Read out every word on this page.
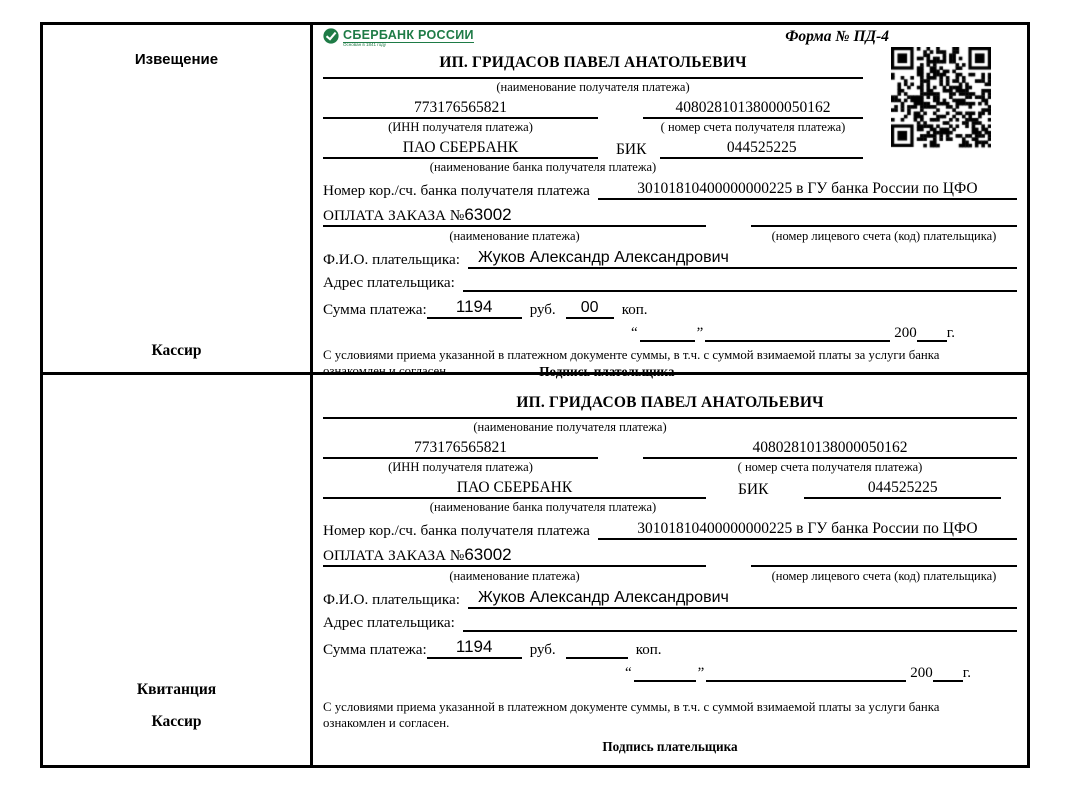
Извещение
Кассир
СБЕРБАНК РОССИИ
Основан в 1841 году
Форма № ПД-4
ИП. ГРИДАСОВ ПАВЕЛ АНАТОЛЬЕВИЧ
(наименование получателя платежа)
773176565821	40802810138000050162
(ИНН получателя платежа)	( номер счета получателя платежа)
ПАО СБЕРБАНК	БИК	044525225
(наименование банка получателя платежа)
Номер кор./сч. банка получателя платежа	30101810400000000225 в ГУ банка России по ЦФО
ОПЛАТА ЗАКАЗА №63002
(наименование платежа)	(номер лицевого счета (код) плательщика)
Ф.И.О. плательщика:	Жуков Александр Александрович
Адрес плательщика:
Сумма платежа:	1194	руб.	00	коп.
“	”	200 г.
С условиями приема указанной в платежном документе суммы, в т.ч. с суммой взимаемой платы за услуги банка
ознакомлен и согласен.	Подпись плательщика
Квитанция
Кассир
ИП. ГРИДАСОВ ПАВЕЛ АНАТОЛЬЕВИЧ
(наименование получателя платежа)
773176565821	40802810138000050162
(ИНН получателя платежа)	( номер счета получателя платежа)
ПАО СБЕРБАНК	БИК	044525225
(наименование банка получателя платежа)
Номер кор./сч. банка получателя платежа	30101810400000000225 в ГУ банка России по ЦФО
ОПЛАТА ЗАКАЗА №63002
(наименование платежа)	(номер лицевого счета (код) плательщика)
Ф.И.О. плательщика:	Жуков Александр Александрович
Адрес плательщика:
Сумма платежа:	1194	руб.	коп.
“	”	200 г.
С условиями приема указанной в платежном документе суммы, в т.ч. с суммой взимаемой платы за услуги банка
ознакомлен и согласен.
Подпись плательщика
